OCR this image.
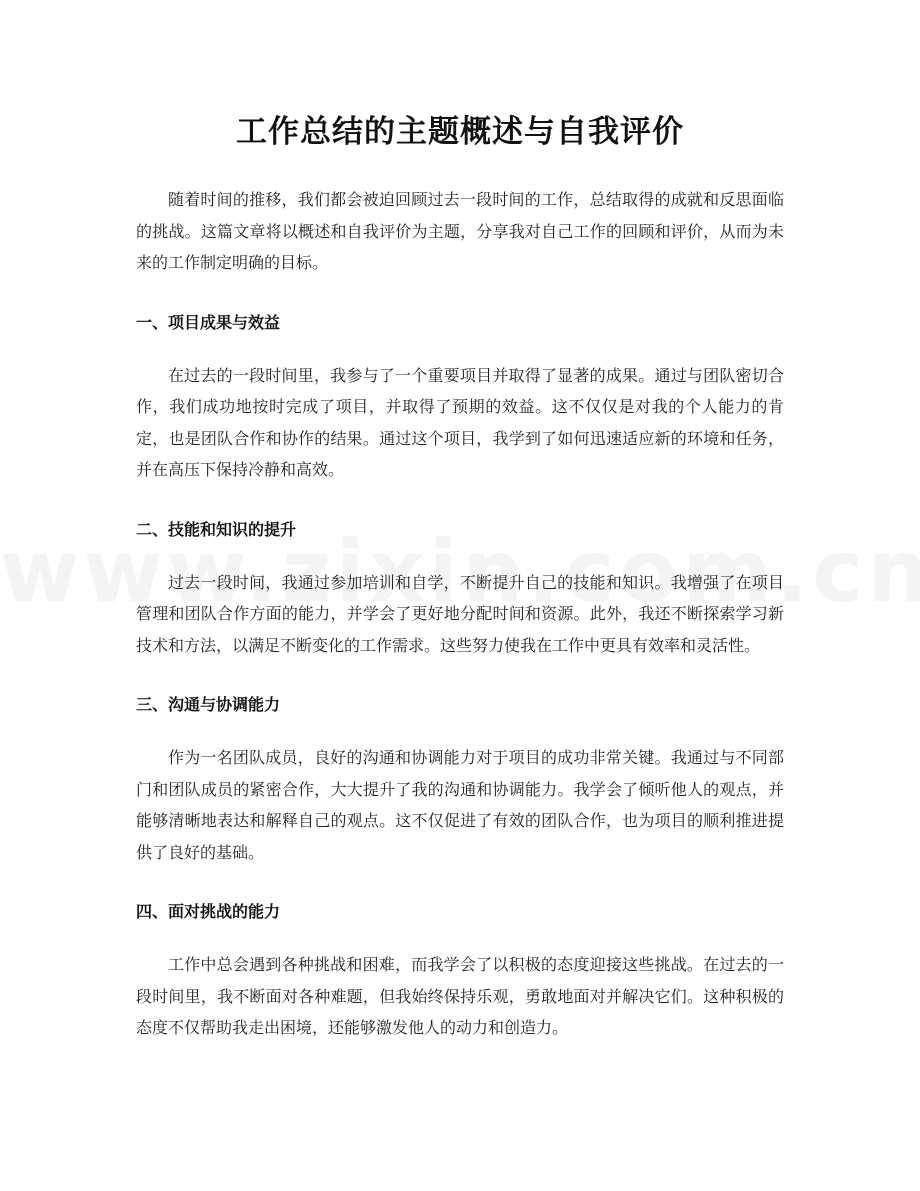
工作总结的主题概述与自我评价

随着时间的推移，我们都会被迫回顾过去一段时间的工作，总结取得的成就和反思面临的挑战。这篇文章将以概述和自我评价为主题，分享我对自己工作的回顾和评价，从而为未来的工作制定明确的目标。

一、项目成果与效益

在过去的一段时间里，我参与了一个重要项目并取得了显著的成果。通过与团队密切合作，我们成功地按时完成了项目，并取得了预期的效益。这不仅仅是对我的个人能力的肯定，也是团队合作和协作的结果。通过这个项目，我学到了如何迅速适应新的环境和任务，并在高压下保持冷静和高效。

二、技能和知识的提升

过去一段时间，我通过参加培训和自学，不断提升自己的技能和知识。我增强了在项目管理和团队合作方面的能力，并学会了更好地分配时间和资源。此外，我还不断探索学习新技术和方法，以满足不断变化的工作需求。这些努力使我在工作中更具有效率和灵活性。

三、沟通与协调能力

作为一名团队成员，良好的沟通和协调能力对于项目的成功非常关键。我通过与不同部门和团队成员的紧密合作，大大提升了我的沟通和协调能力。我学会了倾听他人的观点，并能够清晰地表达和解释自己的观点。这不仅促进了有效的团队合作，也为项目的顺利推进提供了良好的基础。

四、面对挑战的能力

工作中总会遇到各种挑战和困难，而我学会了以积极的态度迎接这些挑战。在过去的一段时间里，我不断面对各种难题，但我始终保持乐观，勇敢地面对并解决它们。这种积极的态度不仅帮助我走出困境，还能够激发他人的动力和创造力。
